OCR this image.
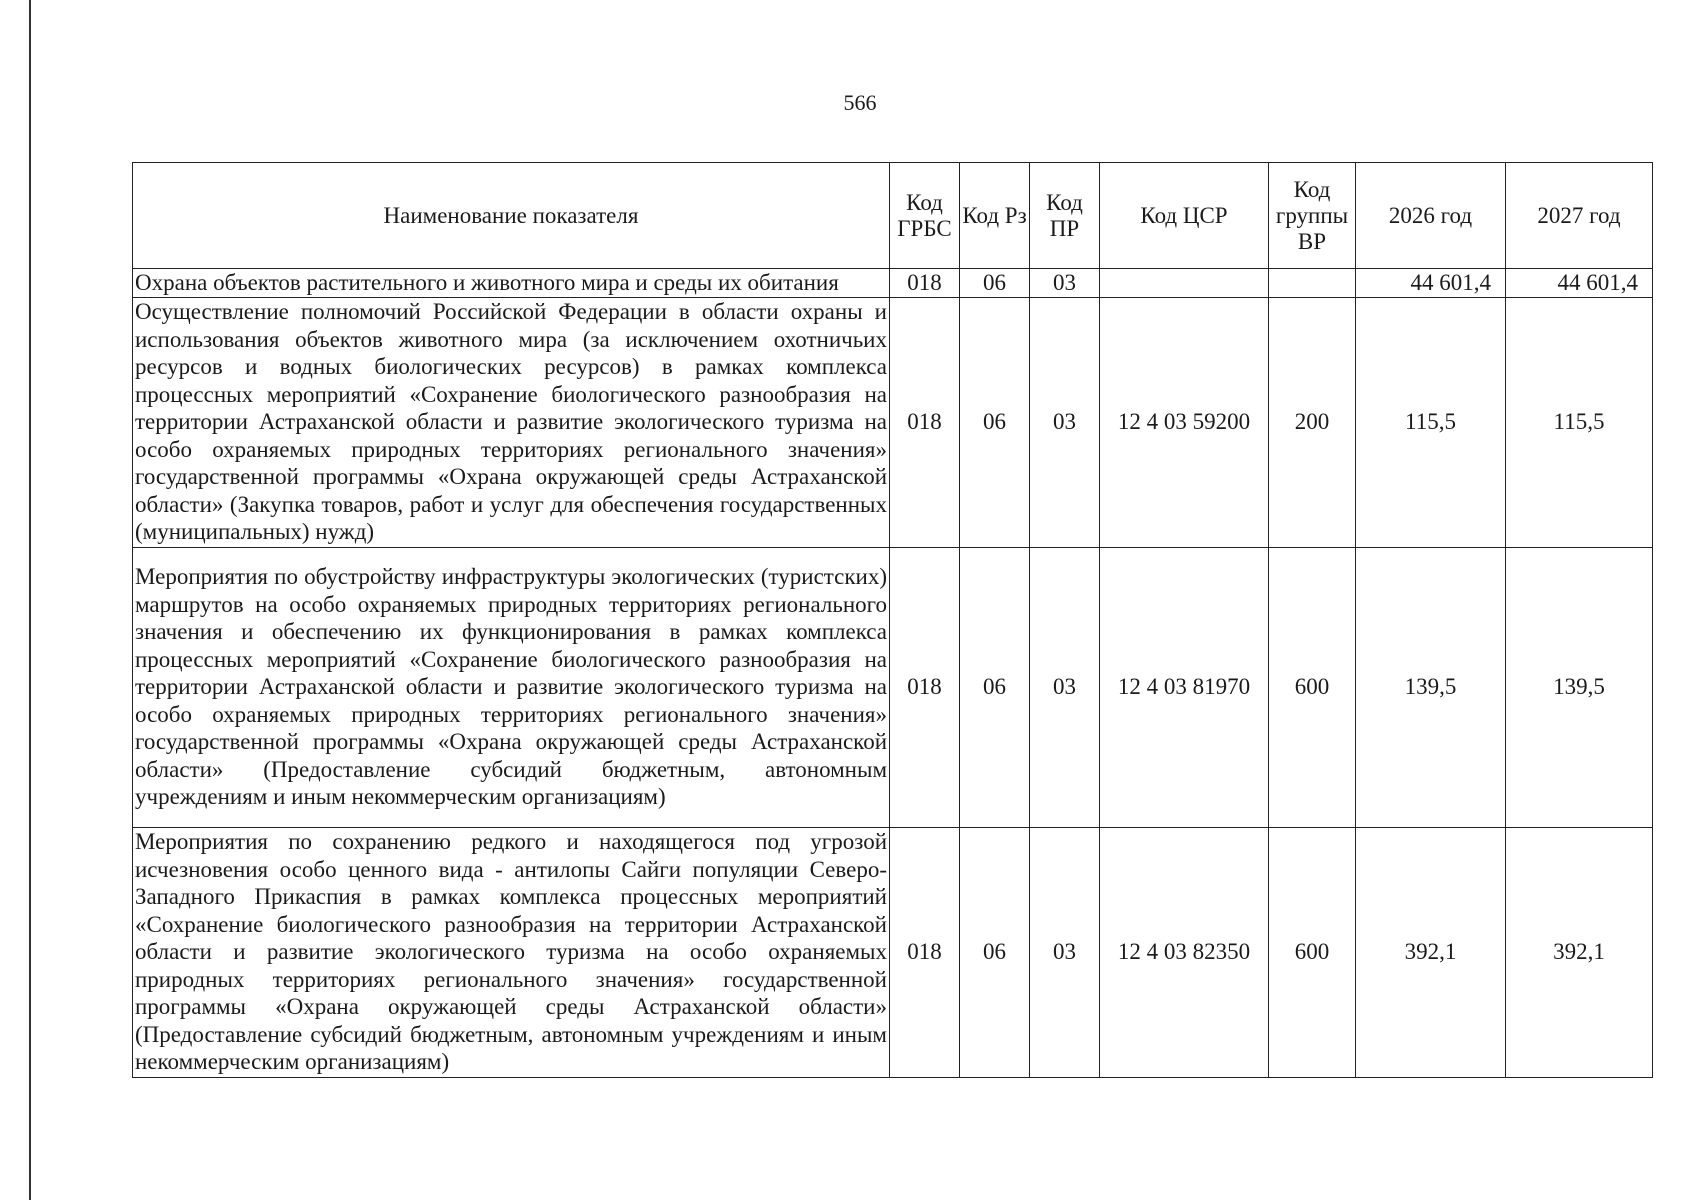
566
Наименование показателя	Код ГРБС	Код Рз	Код ПР	Код ЦСР	Код группы ВР	2026 год	2027 год
Охрана объектов растительного и животного мира и среды их обитания	018	06	03			44 601,4	44 601,4
Осуществление полномочий Российской Федерации в области охраны и использования объектов животного мира (за исключением охотничьих ресурсов и водных биологических ресурсов) в рамках комплекса процессных мероприятий «Сохранение биологического разнообразия на территории Астраханской области и развитие экологического туризма на особо охраняемых природных территориях регионального значения» государственной программы «Охрана окружающей среды Астраханской области» (Закупка товаров, работ и услуг для обеспечения государственных (муниципальных) нужд)	018	06	03	12 4 03 59200	200	115,5	115,5
Мероприятия по обустройству инфраструктуры экологических (туристских) маршрутов на особо охраняемых природных территориях регионального значения и обеспечению их функционирования в рамках комплекса процессных мероприятий «Сохранение биологического разнообразия на территории Астраханской области и развитие экологического туризма на особо охраняемых природных территориях регионального значения» государственной программы «Охрана окружающей среды Астраханской области» (Предоставление субсидий бюджетным, автономным учреждениям и иным некоммерческим организациям)	018	06	03	12 4 03 81970	600	139,5	139,5
Мероприятия по сохранению редкого и находящегося под угрозой исчезновения особо ценного вида - антилопы Сайги популяции Северо-Западного Прикаспия в рамках комплекса процессных мероприятий «Сохранение биологического разнообразия на территории Астраханской области и развитие экологического туризма на особо охраняемых природных территориях регионального значения» государственной программы «Охрана окружающей среды Астраханской области» (Предоставление субсидий бюджетным, автономным учреждениям и иным некоммерческим организациям)	018	06	03	12 4 03 82350	600	392,1	392,1
